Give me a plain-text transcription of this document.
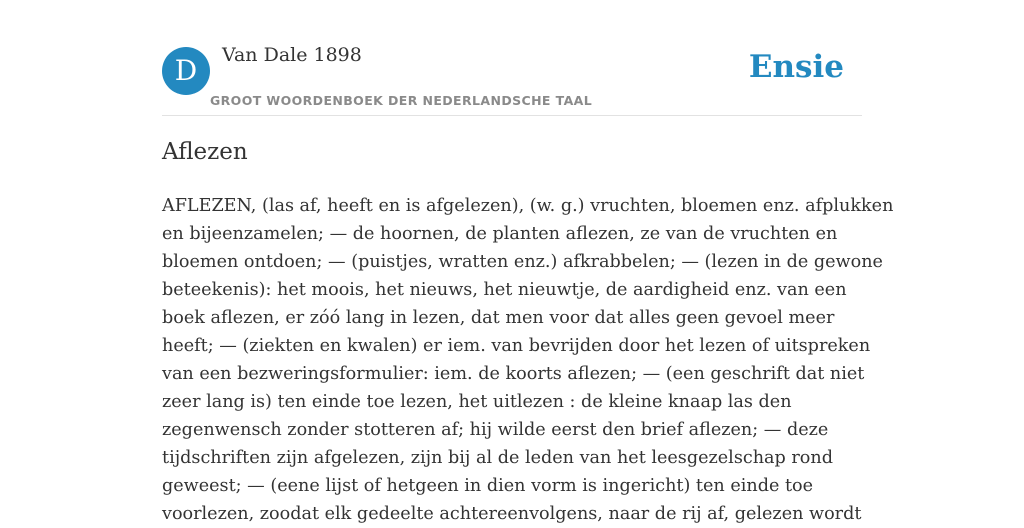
D	Van Dale 1898
GROOT WOORDENBOEK DER NEDERLANDSCHE TAAL
Ensie
Aflezen
AFLEZEN, (las af, heeft en is afgelezen), (w. g.) vruchten, bloemen enz. afplukken
en bijeenzamelen; — de hoornen, de planten aflezen, ze van de vruchten en
bloemen ontdoen; — (puistjes, wratten enz.) afkrabbelen; — (lezen in de gewone
beteekenis): het moois, het nieuws, het nieuwtje, de aardigheid enz. van een
boek aflezen, er zóó lang in lezen, dat men voor dat alles geen gevoel meer
heeft; — (ziekten en kwalen) er iem. van bevrijden door het lezen of uitspreken
van een bezweringsformulier: iem. de koorts aflezen; — (een geschrift dat niet
zeer lang is) ten einde toe lezen, het uitlezen : de kleine knaap las den
zegenwensch zonder stotteren af; hij wilde eerst den brief aflezen; — deze
tijdschriften zijn afgelezen, zijn bij al de leden van het leesgezelschap rond
geweest; — (eene lijst of hetgeen in dien vorm is ingericht) ten einde toe
voorlezen, zoodat elk gedeelte achtereenvolgens, naar de rij af, gelezen wordt
